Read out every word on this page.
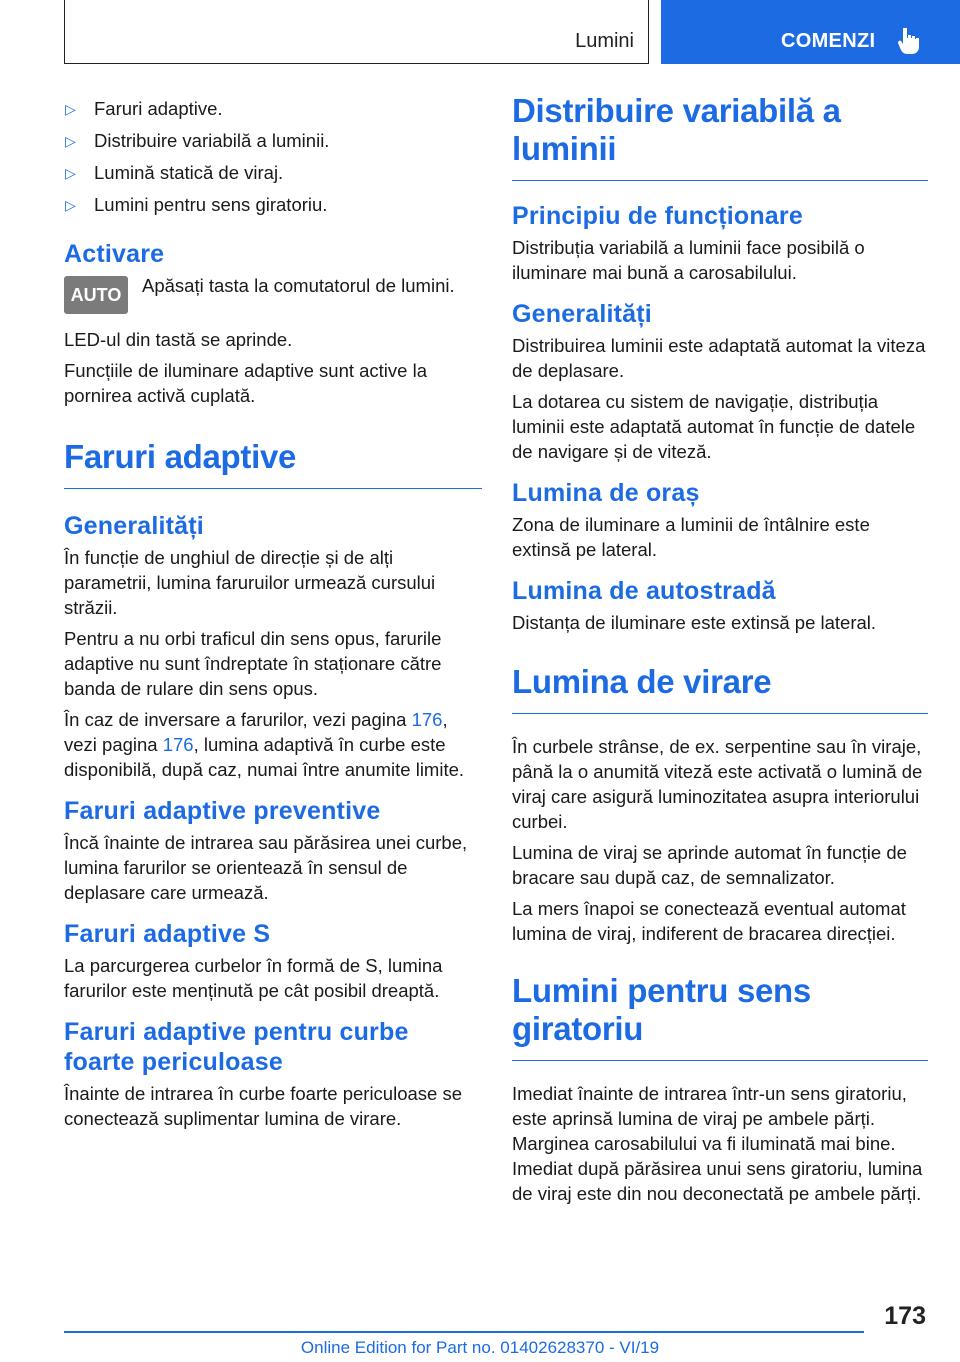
Lumini	COMENZI
▷ Faruri adaptive.
▷ Distribuire variabilă a luminii.
▷ Lumină statică de viraj.
▷ Lumini pentru sens giratoriu.
Activare
AUTO	Apăsați tasta la comutatorul de lumini.

LED-ul din tastă se aprinde.

Funcțiile de iluminare adaptive sunt active la pornirea activă cuplată.

Faruri adaptive
Generalități

În funcție de unghiul de direcție și de alți parametrii, lumina faruruilor urmează cursului străzii.

Pentru a nu orbi traficul din sens opus, farurile adaptive nu sunt îndreptate în staționare către banda de rulare din sens opus.

În caz de inversare a farurilor, vezi pagina 176, vezi pagina 176, lumina adaptivă în curbe este disponibilă, după caz, numai între anumite limite.

Faruri adaptive preventive

Încă înainte de intrarea sau părăsirea unei curbe, lumina farurilor se orientează în sensul de deplasare care urmează.

Faruri adaptive S

La parcurgerea curbelor în formă de S, lumina farurilor este menținută pe cât posibil dreaptă.

Faruri adaptive pentru curbe foarte periculoase

Înainte de intrarea în curbe foarte periculoase se conectează suplimentar lumina de virare.

Distribuire variabilă a luminii
Principiu de funcționare

Distribuția variabilă a luminii face posibilă o iluminare mai bună a carosabilului.

Generalități

Distribuirea luminii este adaptată automat la viteza de deplasare.

La dotarea cu sistem de navigație, distribuția luminii este adaptată automat în funcție de datele de navigare și de viteză.

Lumina de oraș

Zona de iluminare a luminii de întâlnire este extinsă pe lateral.

Lumina de autostradă

Distanța de iluminare este extinsă pe lateral.

Lumina de virare

În curbele strânse, de ex. serpentine sau în viraje, până la o anumită viteză este activată o lumină de viraj care asigură luminozitatea asupra interiorului curbei.

Lumina de viraj se aprinde automat în funcție de bracare sau după caz, de semnalizator.

La mers înapoi se conectează eventual automat lumina de viraj, indiferent de bracarea direcției.

Lumini pentru sens giratoriu

Imediat înainte de intrarea într-un sens giratoriu, este aprinsă lumina de viraj pe ambele părți. Marginea carosabilului va fi iluminată mai bine. Imediat după părăsirea unui sens giratoriu, lumina de viraj este din nou deconectată pe ambele părți.

173
Online Edition for Part no. 01402628370 - VI/19
